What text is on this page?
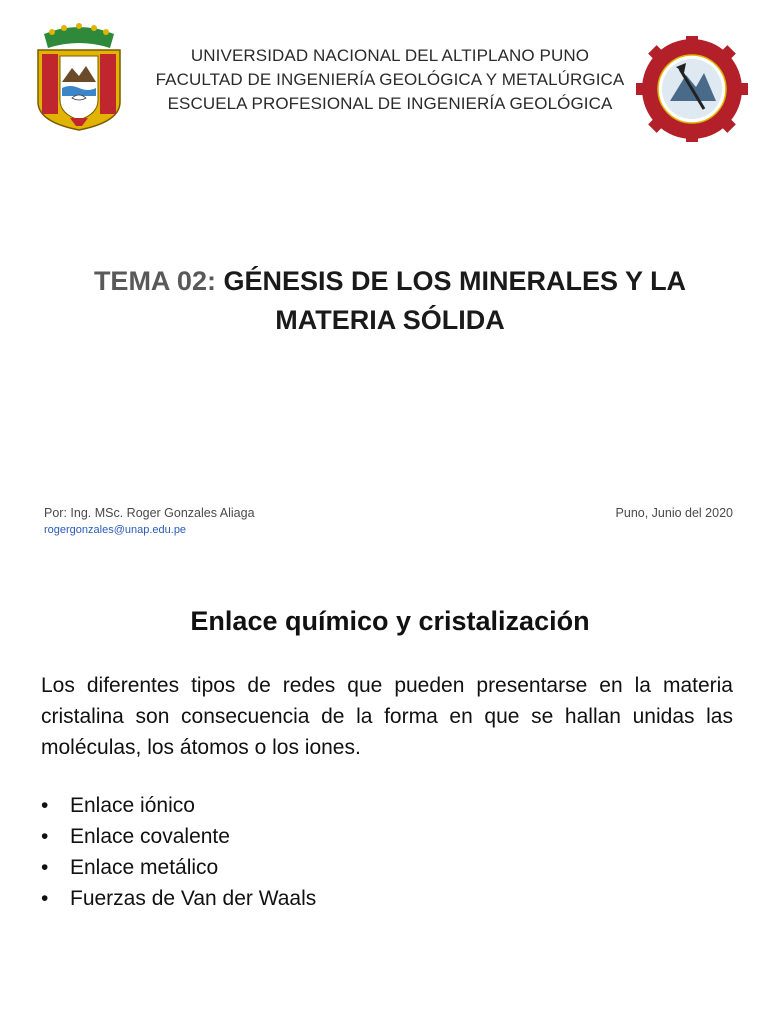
UNIVERSIDAD NACIONAL DEL ALTIPLANO PUNO
FACULTAD DE INGENIERÍA GEOLÓGICA Y METALÚRGICA
ESCUELA PROFESIONAL DE INGENIERÍA GEOLÓGICA
TEMA 02: GÉNESIS DE LOS MINERALES Y LA MATERIA SÓLIDA
Por: Ing. MSc. Roger Gonzales Aliaga
rogergonzales@unap.edu.pe
Puno, Junio del 2020
Enlace químico y cristalización
Los diferentes tipos de redes que pueden presentarse en la materia cristalina son consecuencia de la forma en que se hallan unidas las moléculas, los átomos o los iones.
•	Enlace iónico
•	Enlace covalente
•	Enlace metálico
•	Fuerzas de Van der Waals
